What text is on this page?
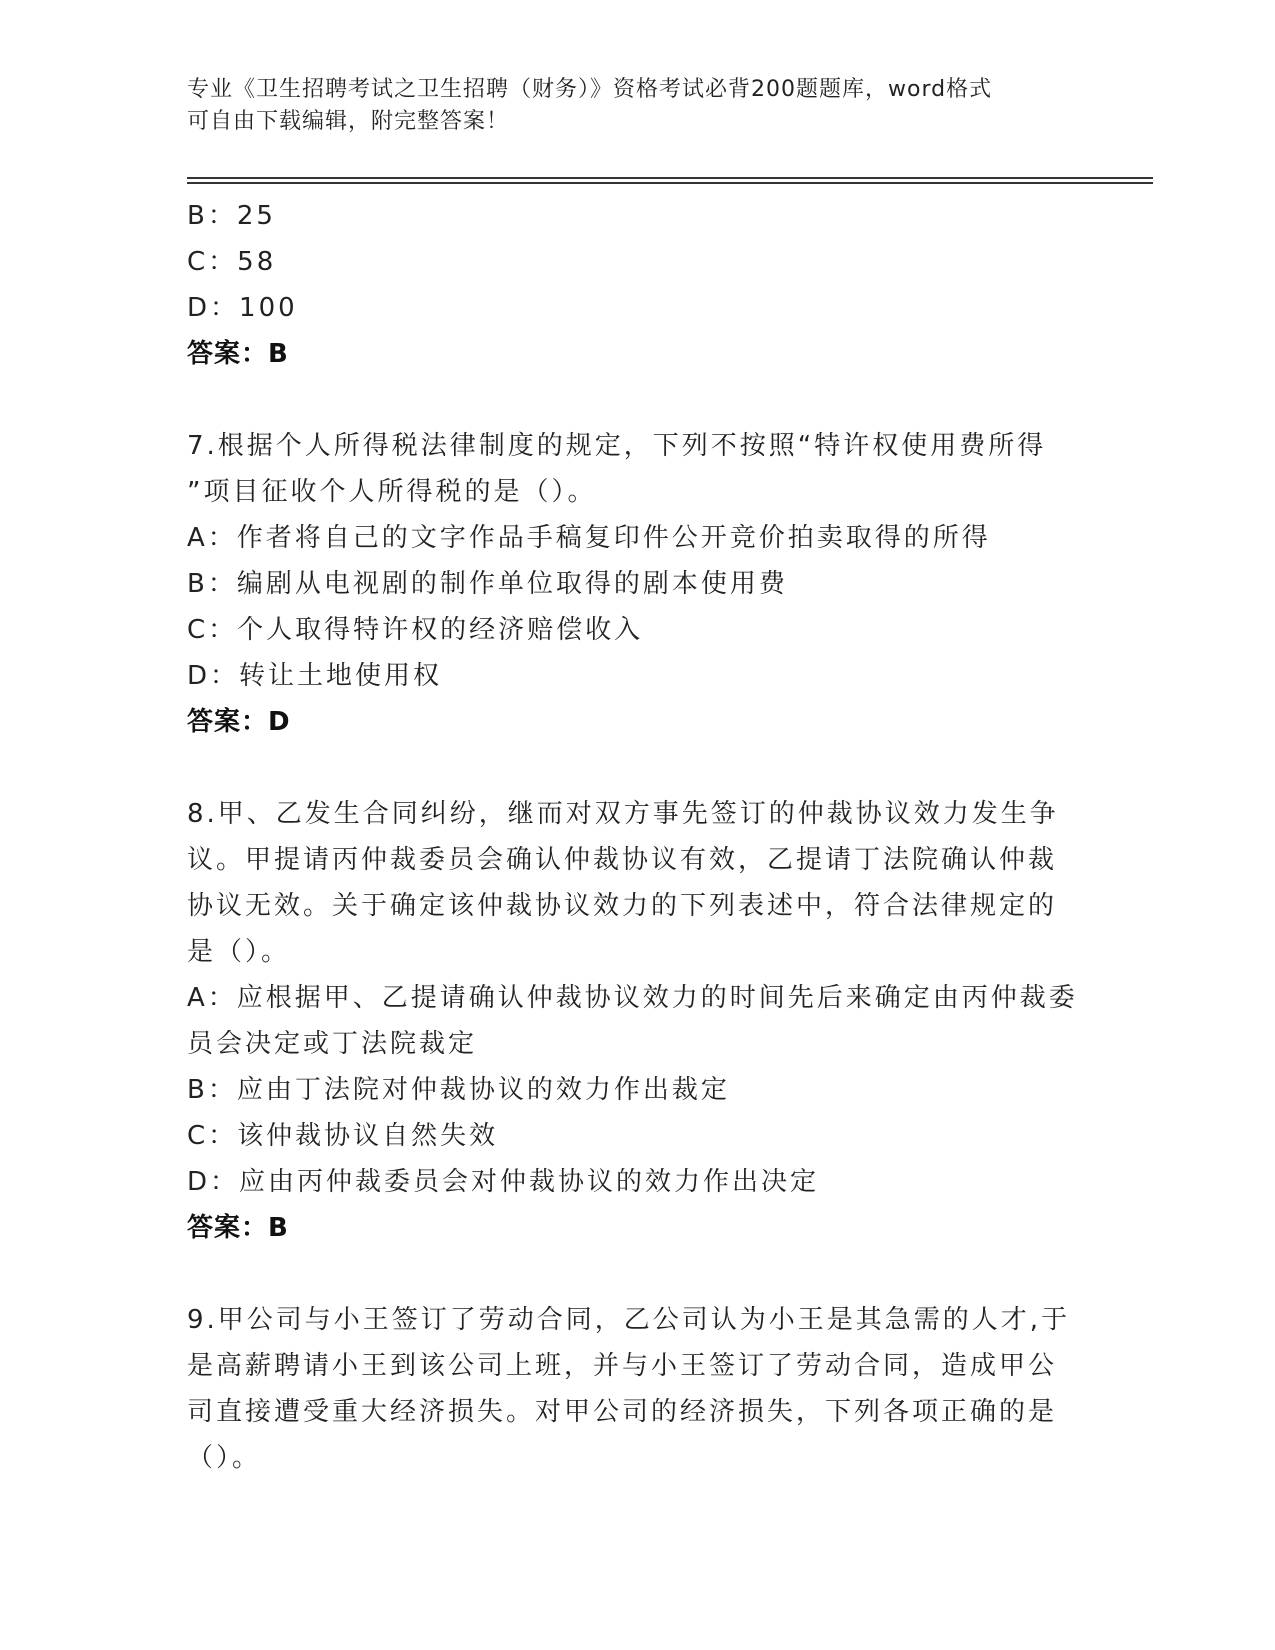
专业《卫生招聘考试之卫生招聘（财务）》资格考试必背200题题库，word格式
可自由下载编辑，附完整答案！

B：25

C：58

D：100

答案：B

7.根据个人所得税法律制度的规定，下列不按照“特许权使用费所得

”项目征收个人所得税的是（）。

A：作者将自己的文字作品手稿复印件公开竞价拍卖取得的所得

B：编剧从电视剧的制作单位取得的剧本使用费

C：个人取得特许权的经济赔偿收入

D：转让土地使用权

答案：D

8.甲、乙发生合同纠纷，继而对双方事先签订的仲裁协议效力发生争

议。甲提请丙仲裁委员会确认仲裁协议有效，乙提请丁法院确认仲裁

协议无效。关于确定该仲裁协议效力的下列表述中，符合法律规定的

是（）。

A：应根据甲、乙提请确认仲裁协议效力的时间先后来确定由丙仲裁委

员会决定或丁法院裁定

B：应由丁法院对仲裁协议的效力作出裁定

C：该仲裁协议自然失效

D：应由丙仲裁委员会对仲裁协议的效力作出决定

答案：B

9.甲公司与小王签订了劳动合同，乙公司认为小王是其急需的人才,于

是高薪聘请小王到该公司上班，并与小王签订了劳动合同，造成甲公

司直接遭受重大经济损失。对甲公司的经济损失，下列各项正确的是

（）。
